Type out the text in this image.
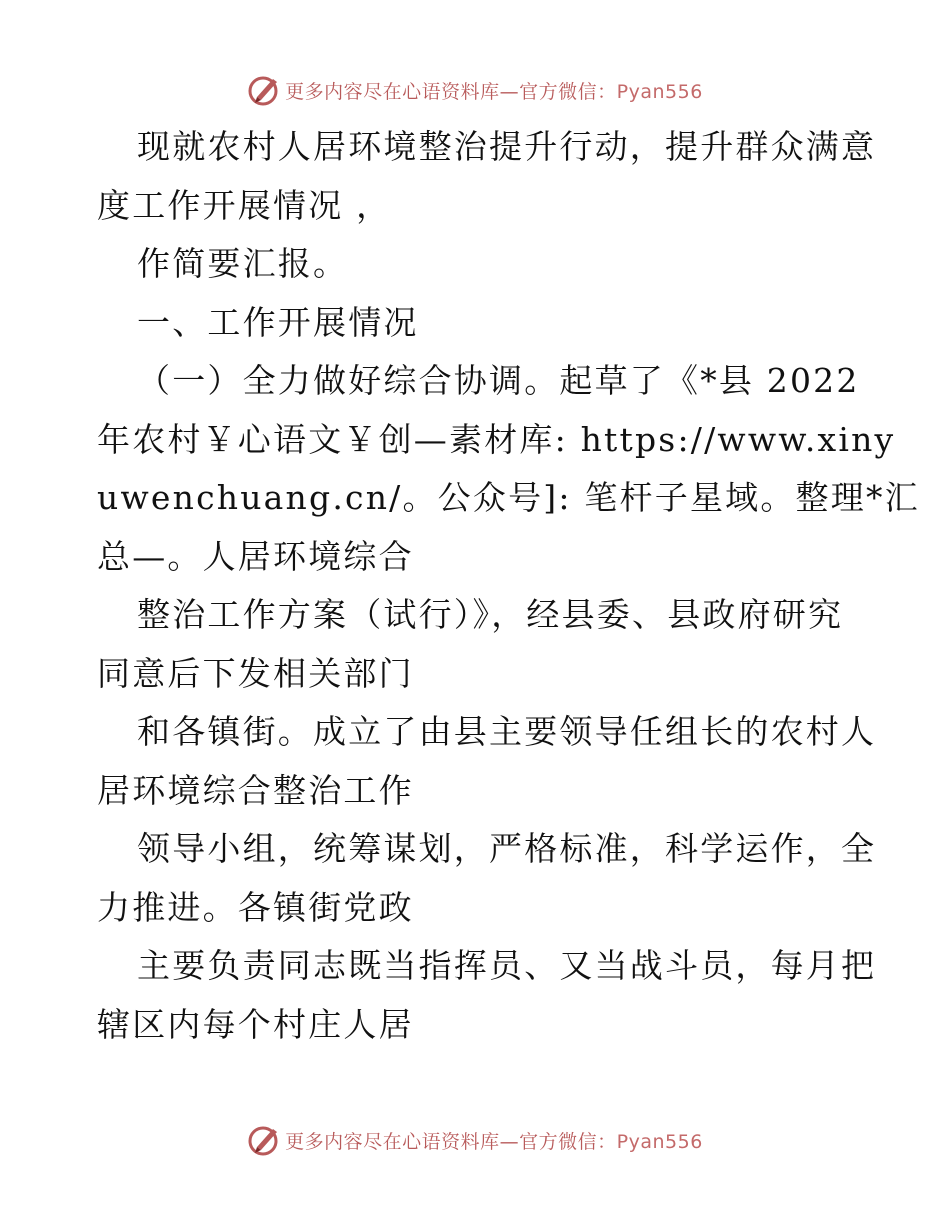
更多内容尽在心语资料库—官方微信：Pyan556
现就农村人居环境整治提升行动，提升群众满意
度工作开展情况 ，
作简要汇报。
一、工作开展情况
（一）全力做好综合协调。起草了《*县 2022
年农村￥心语文￥创—素材库: https://www.xiny
uwenchuang.cn/。公众号]: 笔杆子星域。整理*汇
总—。人居环境综合
整治工作方案（试行）》，经县委、县政府研究
同意后下发相关部门
和各镇街。成立了由县主要领导任组长的农村人
居环境综合整治工作
领导小组，统筹谋划，严格标准，科学运作，全
力推进。各镇街党政
主要负责同志既当指挥员、又当战斗员，每月把
辖区内每个村庄人居
更多内容尽在心语资料库—官方微信：Pyan556
